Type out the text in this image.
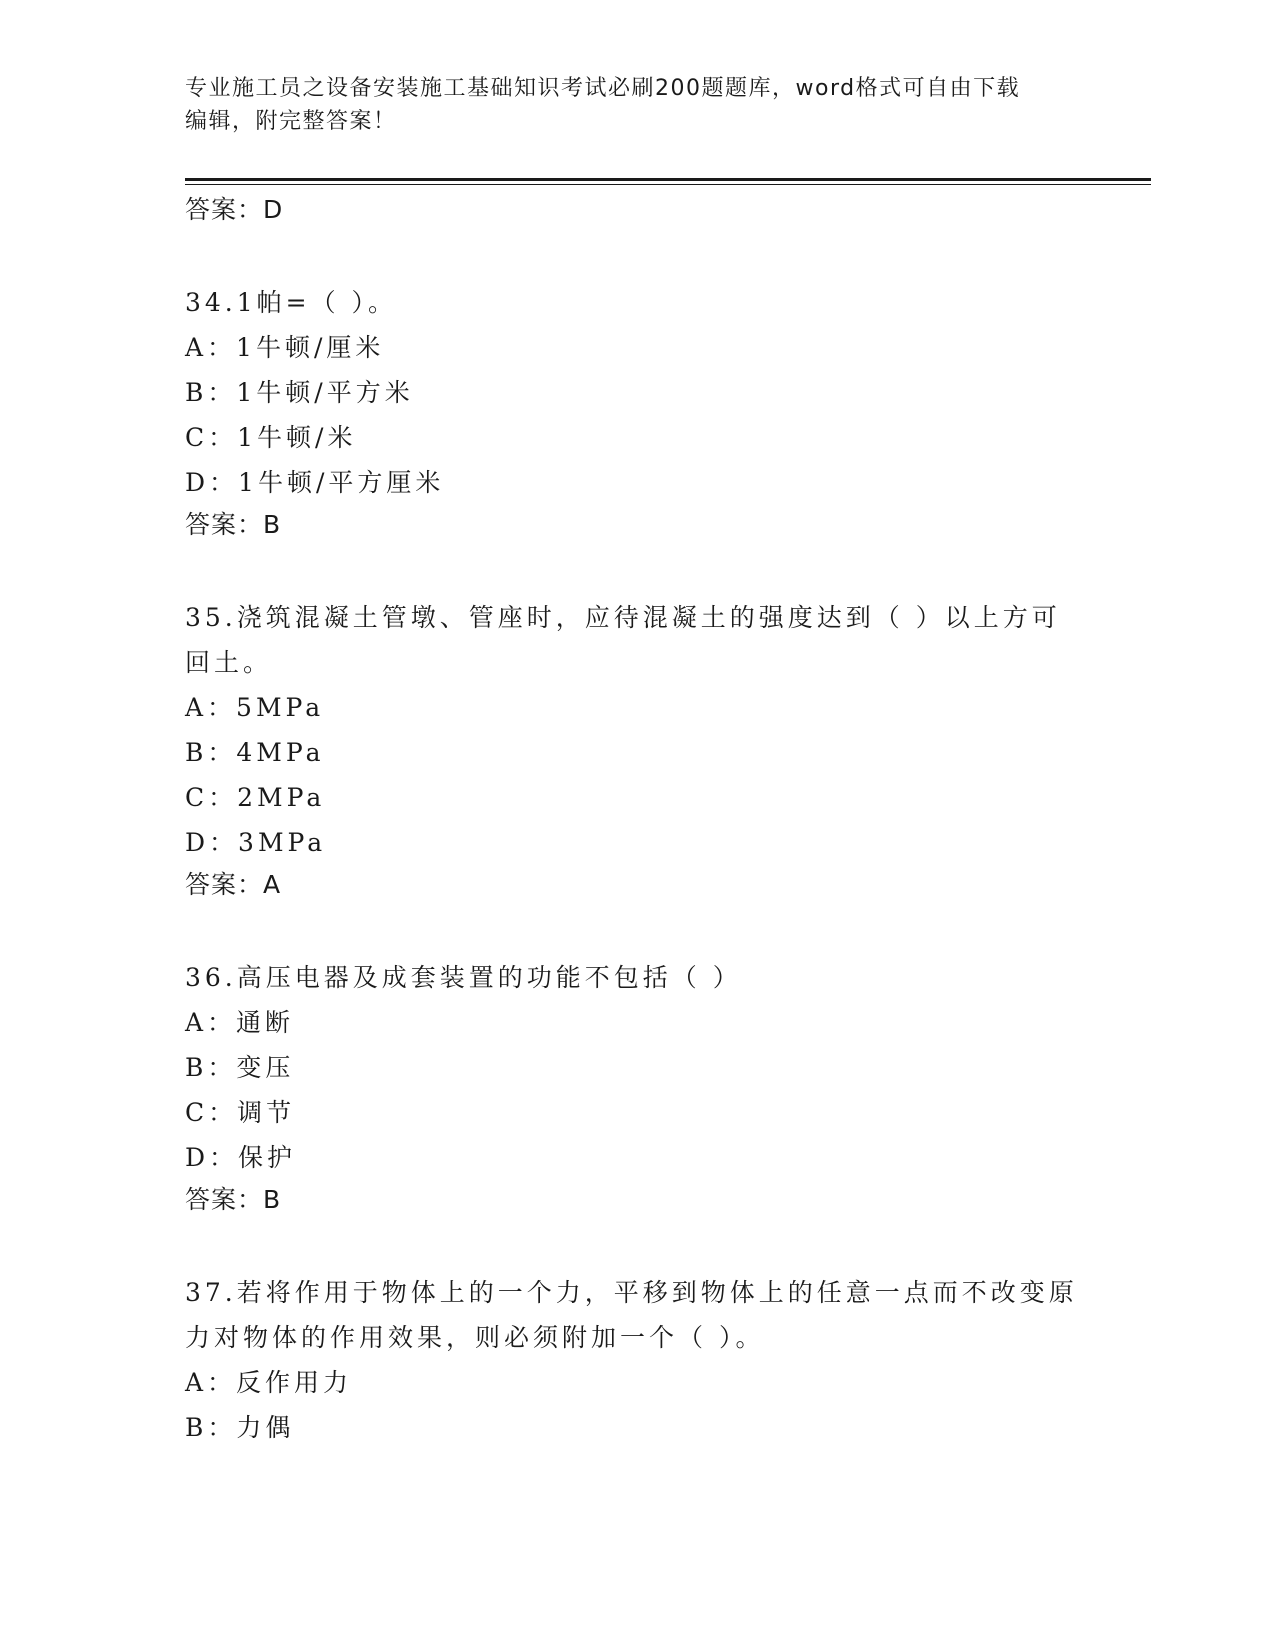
专业施工员之设备安装施工基础知识考试必刷200题题库，word格式可自由下载
编辑，附完整答案！
答案：D
34.1帕=（ ）。
A：1牛顿/厘米
B：1牛顿/平方米
C：1牛顿/米
D：1牛顿/平方厘米
答案：B
35.浇筑混凝土管墩、管座时，应待混凝土的强度达到（ ）以上方可回土。
A：5MPa
B：4MPa
C：2MPa
D：3MPa
答案：A
36.高压电器及成套装置的功能不包括（ ）
A：通断
B：变压
C：调节
D：保护
答案：B
37.若将作用于物体上的一个力，平移到物体上的任意一点而不改变原力对物体的作用效果，则必须附加一个（ ）。
A：反作用力
B：力偶
